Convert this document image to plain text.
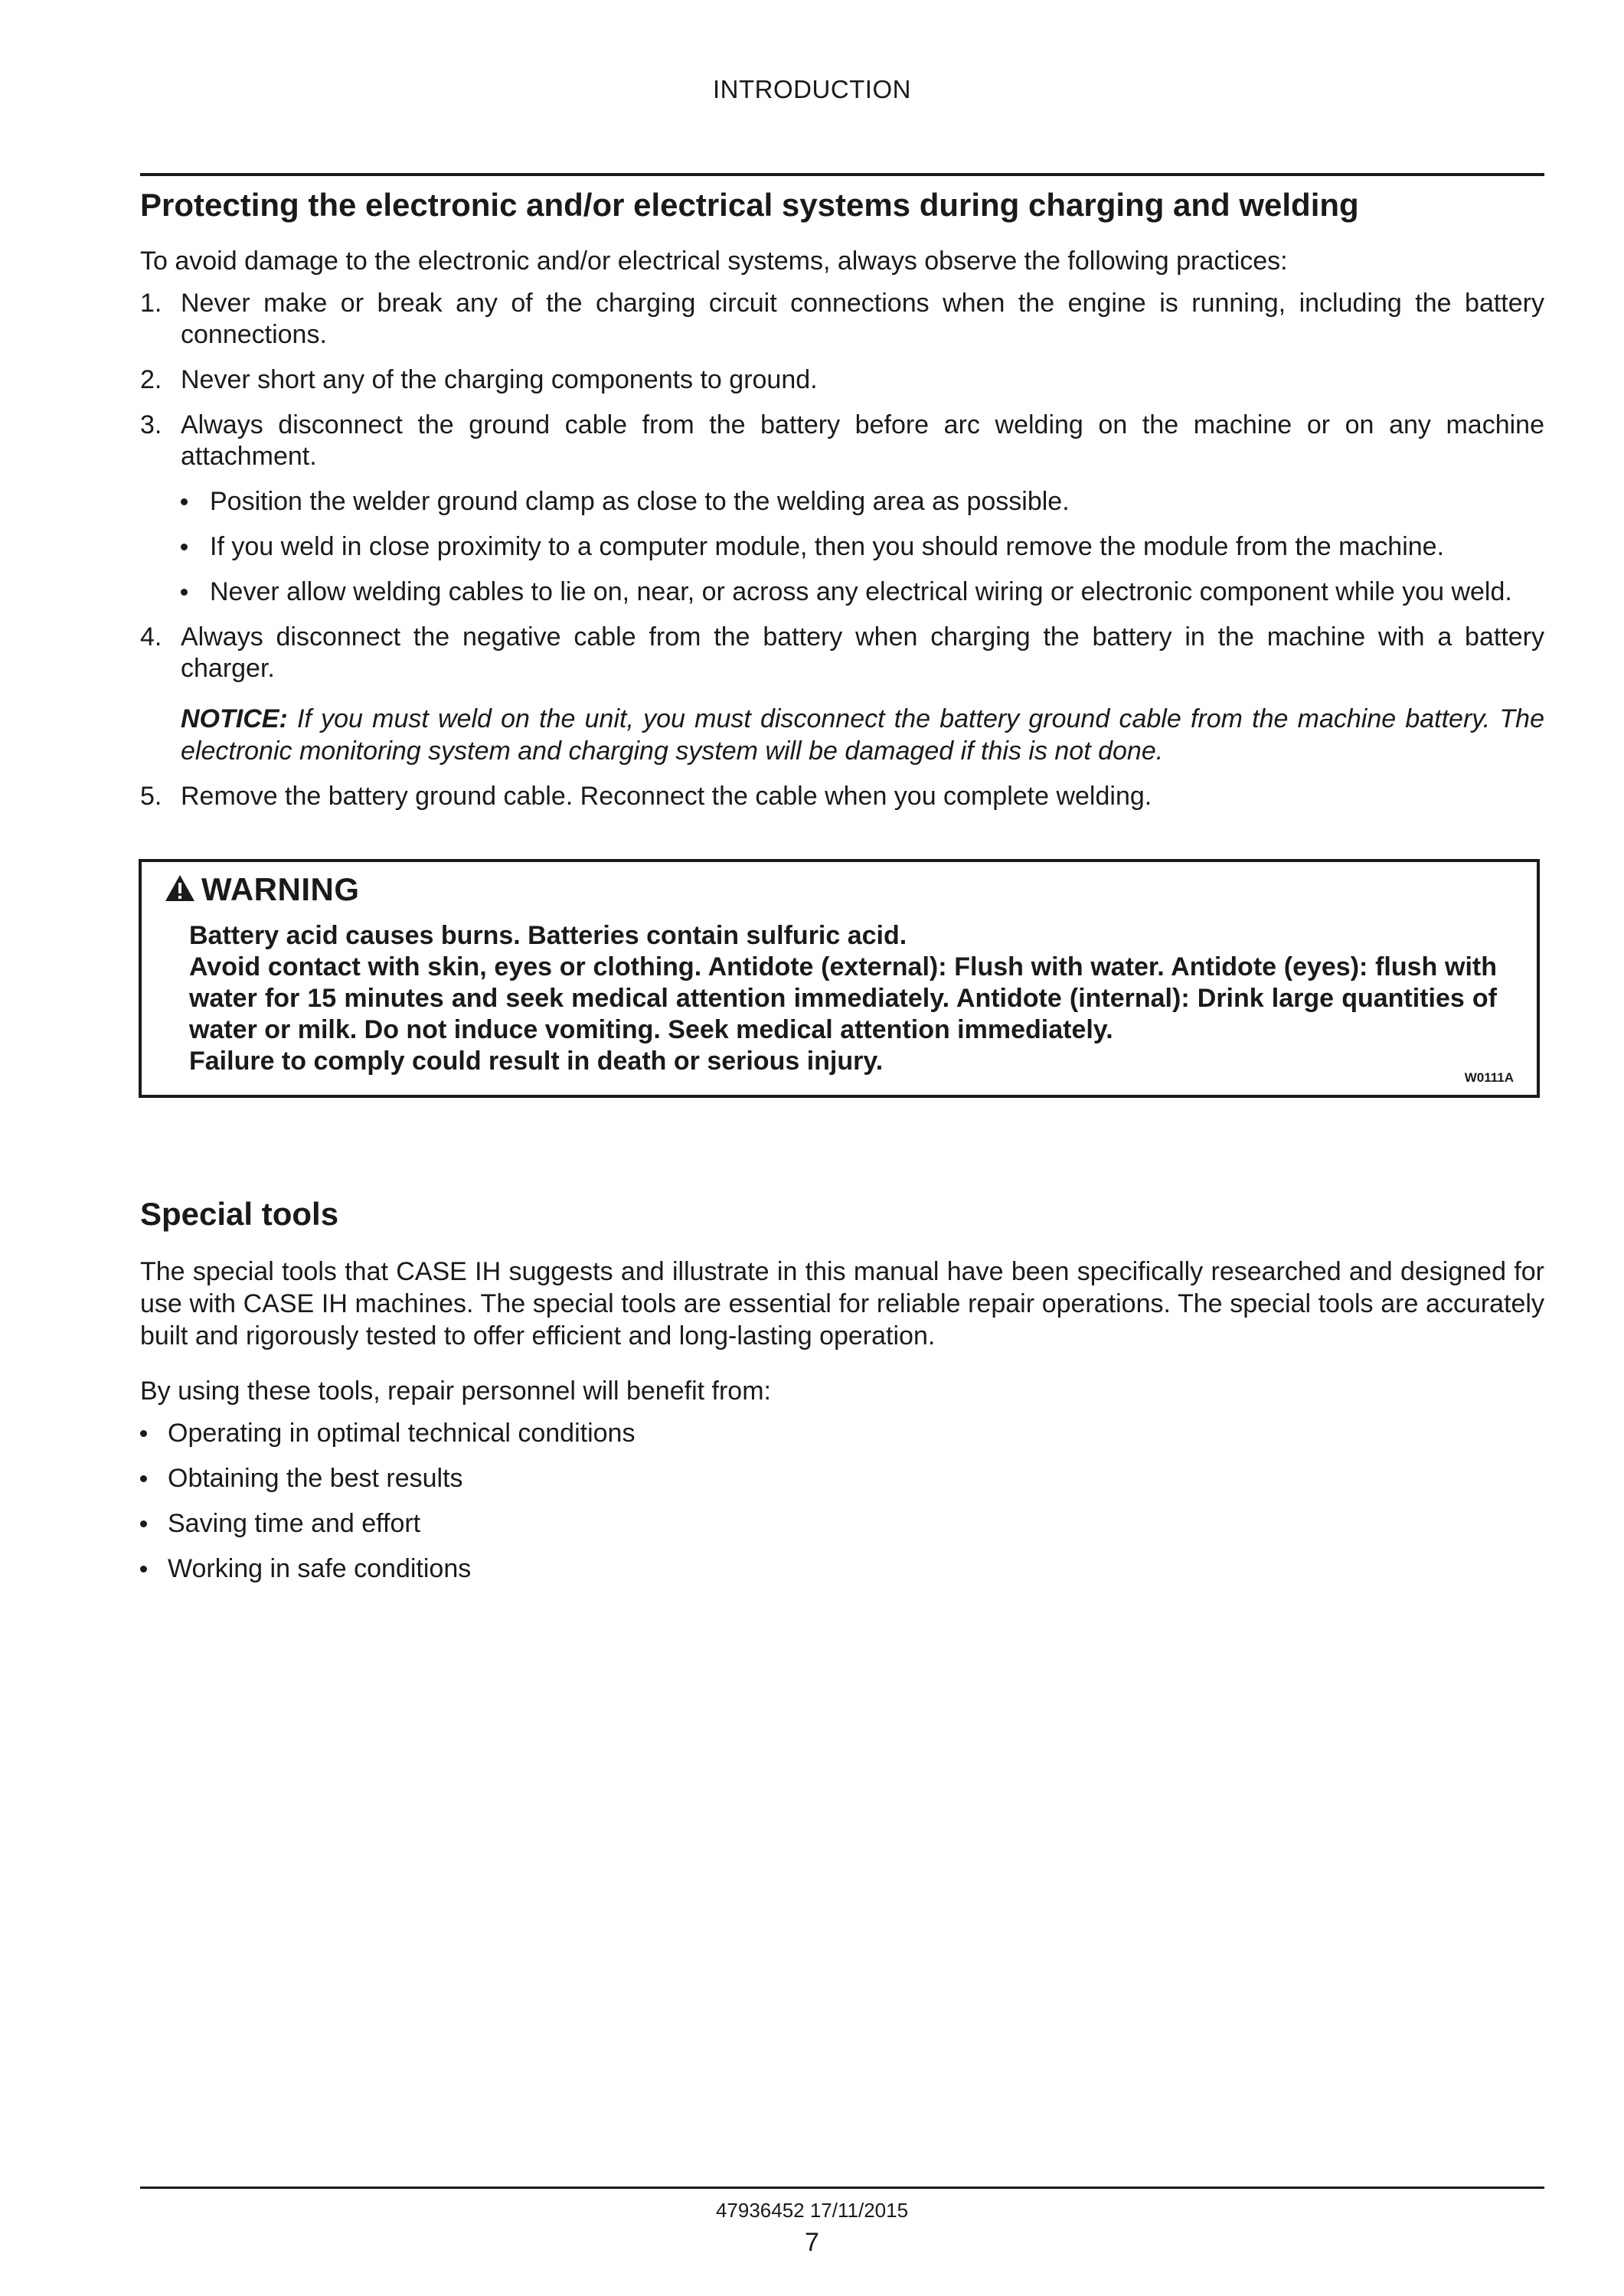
INTRODUCTION
Protecting the electronic and/or electrical systems during charging and welding

To avoid damage to the electronic and/or electrical systems, always observe the following practices:

1. Never make or break any of the charging circuit connections when the engine is running, including the battery connections.
2. Never short any of the charging components to ground.
3. Always disconnect the ground cable from the battery before arc welding on the machine or on any machine attachment.
Position the welder ground clamp as close to the welding area as possible.
If you weld in close proximity to a computer module, then you should remove the module from the machine.
Never allow welding cables to lie on, near, or across any electrical wiring or electronic component while you weld.
4. Always disconnect the negative cable from the battery when charging the battery in the machine with a battery charger.
NOTICE: If you must weld on the unit, you must disconnect the battery ground cable from the machine battery. The electronic monitoring system and charging system will be damaged if this is not done.
5. Remove the battery ground cable. Reconnect the cable when you complete welding.
WARNING
Battery acid causes burns. Batteries contain sulfuric acid.
Avoid contact with skin, eyes or clothing. Antidote (external): Flush with water. Antidote (eyes): flush with water for 15 minutes and seek medical attention immediately. Antidote (internal): Drink large quantities of water or milk. Do not induce vomiting. Seek medical attention immediately.
Failure to comply could result in death or serious injury.
W0111A
Special tools

The special tools that CASE IH suggests and illustrate in this manual have been specifically researched and designed for use with CASE IH machines. The special tools are essential for reliable repair operations. The special tools are accurately built and rigorously tested to offer efficient and long-lasting operation.

By using these tools, repair personnel will benefit from:

Operating in optimal technical conditions
Obtaining the best results
Saving time and effort
Working in safe conditions
47936452 17/11/2015
7
